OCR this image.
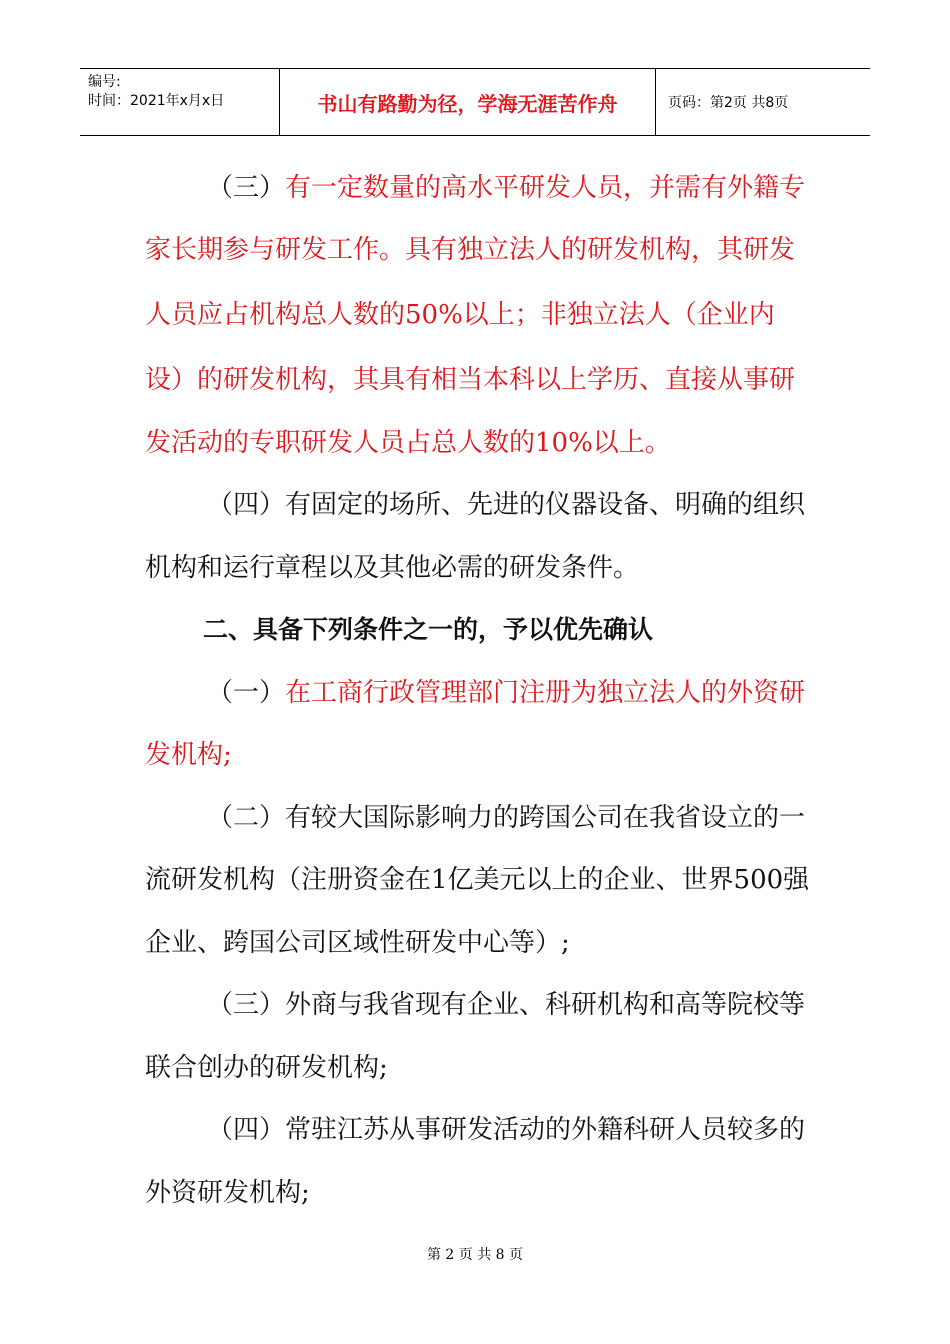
编号:
时间：2021年x月x日	书山有路勤为径，学海无涯苦作舟	页码：第2页 共8页
（三）有一定数量的高水平研发人员，并需有外籍专
家长期参与研发工作。具有独立法人的研发机构，其研发
人员应占机构总人数的50%以上；非独立法人（企业内
设）的研发机构，其具有相当本科以上学历、直接从事研
发活动的专职研发人员占总人数的10%以上。
（四）有固定的场所、先进的仪器设备、明确的组织
机构和运行章程以及其他必需的研发条件。
二、具备下列条件之一的，予以优先确认
（一）在工商行政管理部门注册为独立法人的外资研
发机构;
（二）有较大国际影响力的跨国公司在我省设立的一
流研发机构（注册资金在1亿美元以上的企业、世界500强
企业、跨国公司区域性研发中心等）;
（三）外商与我省现有企业、科研机构和高等院校等
联合创办的研发机构;
（四）常驻江苏从事研发活动的外籍科研人员较多的
外资研发机构;
第 2 页 共 8 页
